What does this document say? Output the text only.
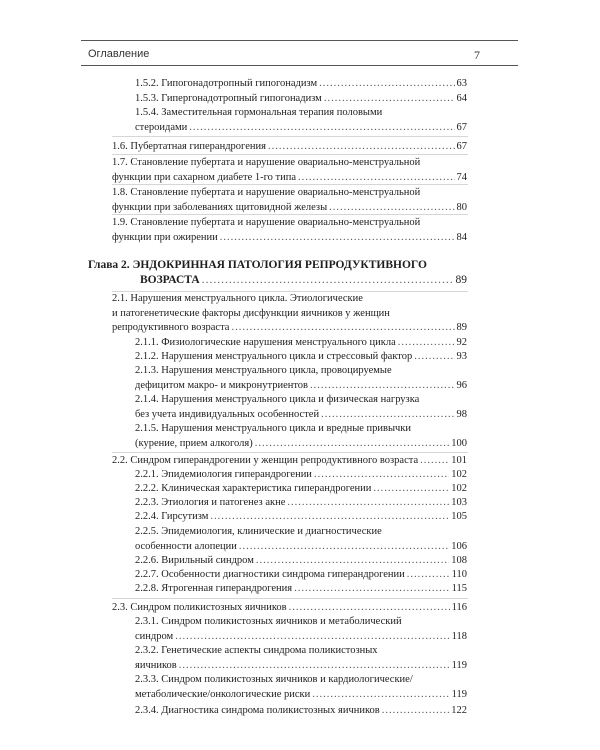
Оглавление	7
1.5.2. Гипогонадотропный гипогонадизм .....	63
1.5.3. Гипергонадотропный гипогонадизм .....	64
1.5.4. Заместительная гормональная терапия половыми
стероидами .....	67
1.6. Пубертатная гиперандрогения .....	67
1.7. Становление пубертата и нарушение овариально-менструальной
функции при сахарном диабете 1-го типа .....	74
1.8. Становление пубертата и нарушение овариально-менструальной
функции при заболеваниях щитовидной железы .....	80
1.9. Становление пубертата и нарушение овариально-менструальной
функции при ожирении .....	84
Глава 2. ЭНДОКРИННАЯ ПАТОЛОГИЯ РЕПРОДУКТИВНОГО
ВОЗРАСТА .....	89
2.1. Нарушения менструального цикла. Этиологические
и патогенетические факторы дисфункции яичников у женщин
репродуктивного возраста .....	89
2.1.1. Физиологические нарушения менструального цикла .....	92
2.1.2. Нарушения менструального цикла и стрессовый фактор .....	93
2.1.3. Нарушения менструального цикла, провоцируемые
дефицитом макро- и микронутриентов .....	96
2.1.4. Нарушения менструального цикла и физическая нагрузка
без учета индивидуальных особенностей .....	98
2.1.5. Нарушения менструального цикла и вредные привычки
(курение, прием алкоголя) .....	100
2.2. Синдром гиперандрогении у женщин репродуктивного возраста .....	101
2.2.1. Эпидемиология гиперандрогении .....	102
2.2.2. Клиническая характеристика гиперандрогении .....	102
2.2.3. Этиология и патогенез акне .....	103
2.2.4. Гирсутизм .....	105
2.2.5. Эпидемиология, клинические и диагностические
особенности алопеции .....	106
2.2.6. Вирильный синдром .....	108
2.2.7. Особенности диагностики синдрома гиперандрогении .....	110
2.2.8. Ятрогенная гиперандрогения .....	115
2.3. Синдром поликистозных яичников .....	116
2.3.1. Синдром поликистозных яичников и метаболический
синдром .....	118
2.3.2. Генетические аспекты синдрома поликистозных
яичников .....	119
2.3.3. Синдром поликистозных яичников и кардиологические/
метаболические/онкологические риски .....	119
2.3.4. Диагностика синдрома поликистозных яичников .....	122
